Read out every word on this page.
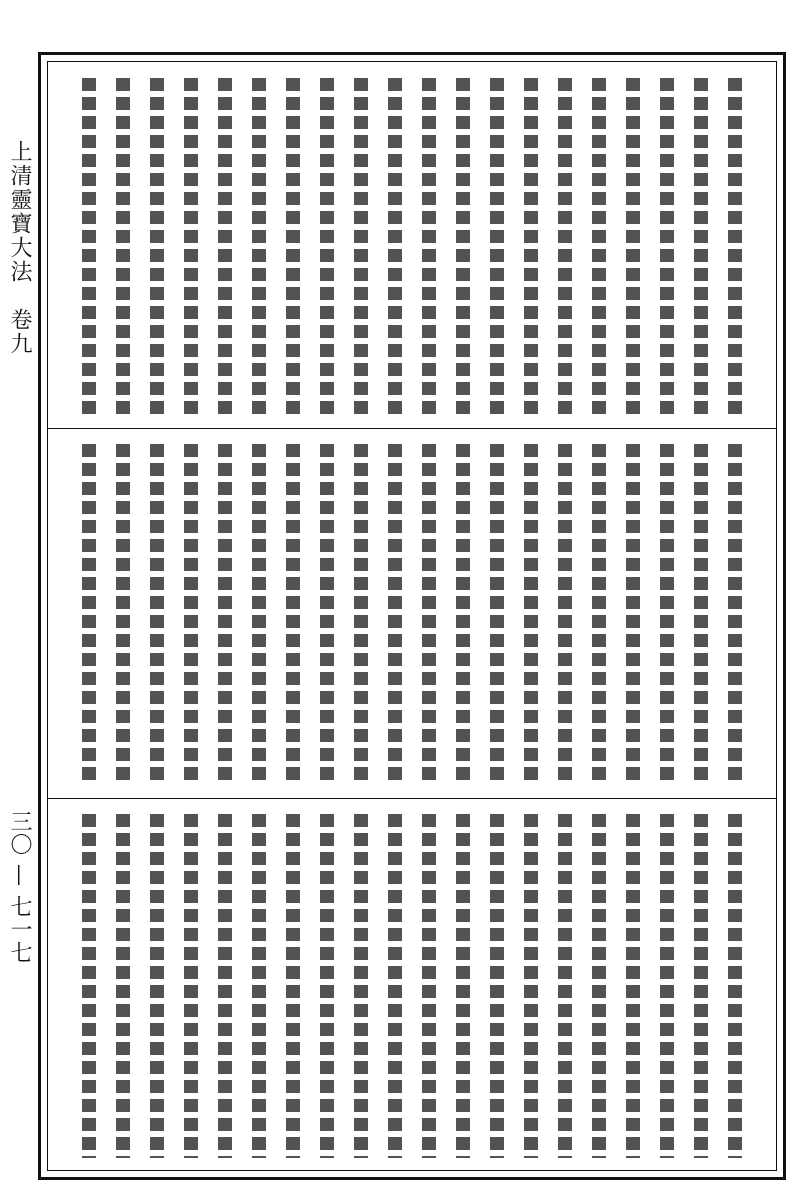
上清靈寶大法　卷九
三〇 — 七一七
